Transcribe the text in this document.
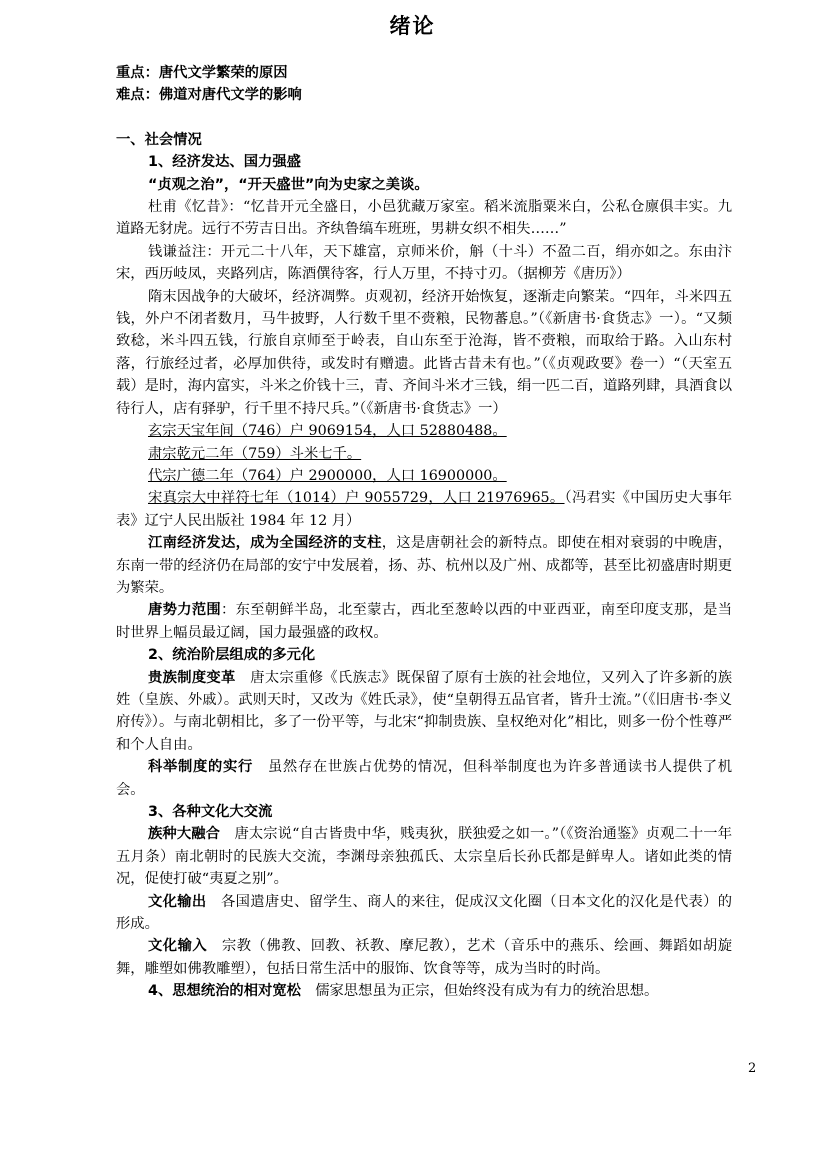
绪论

重点：唐代文学繁荣的原因

难点：佛道对唐代文学的影响

一、社会情况

1、经济发达、国力强盛

“贞观之治”，“开天盛世”向为史家之美谈。

杜甫《忆昔》：“忆昔开元全盛日，小邑犹藏万家室。稻米流脂粟米白，公私仓廪俱丰实。九道路无豺虎。远行不劳吉日出。齐纨鲁缟车班班，男耕女织不相失……”

钱谦益注：开元二十八年，天下雄富，京师米价，斛（十斗）不盈二百，绢亦如之。东由汴宋，西历岐凤，夹路列店，陈酒僎待客，行人万里，不持寸刃。（据柳芳《唐历》）

隋末因战争的大破坏，经济凋弊。贞观初，经济开始恢复，逐渐走向繁茉。“四年，斗米四五钱，外户不闭者数月，马牛披野，人行数千里不赍粮，民物蕃息。”（《新唐书·食货志》一）。“又频致稔，米斗四五钱，行旅自京师至于岭表，自山东至于沧海，皆不赍粮，而取给于路。入山东村落，行旅经过者，必厚加供待，或发时有赠遗。此皆古昔未有也。”（《贞观政要》卷一）“（天室五载）是时，海内富实，斗米之价钱十三，青、齐间斗米才三钱，绢一匹二百，道路列肆，具酒食以待行人，店有驿驴，行千里不持尺兵。”（《新唐书·食货志》一）

玄宗天宝年间（746）户 9069154，人口 52880488。

肃宗乾元二年（759）斗米七千。

代宗广德二年（764）户 2900000，人口 16900000。

宋真宗大中祥符七年（1014）户 9055729，人口 21976965。（冯君实《中国历史大事年表》辽宁人民出版社 1984 年 12 月）

江南经济发达，成为全国经济的支柱，这是唐朝社会的新特点。即使在相对衰弱的中晚唐，东南一带的经济仍在局部的安宁中发展着，扬、苏、杭州以及广州、成都等，甚至比初盛唐时期更为繁荣。

唐势力范围：东至朝鲜半岛，北至蒙古，西北至葱岭以西的中亚西亚，南至印度支那，是当时世界上幅员最辽阔，国力最强盛的政权。

2、统治阶层组成的多元化

贵族制度变革　唐太宗重修《氏族志》既保留了原有士族的社会地位，又列入了许多新的族姓（皇族、外戚）。武则天时，又改为《姓氏录》，使“皇朝得五品官者，皆升士流。”（《旧唐书·李义府传》）。与南北朝相比，多了一份平等，与北宋“抑制贵族、皇权绝对化”相比，则多一份个性尊严和个人自由。

科举制度的实行　虽然存在世族占优势的情况，但科举制度也为许多普通读书人提供了机会。

3、各种文化大交流

族种大融合　唐太宗说“自古皆贵中华，贱夷狄，朕独爱之如一。”（《资治通鉴》贞观二十一年五月条）南北朝时的民族大交流，李渊母亲独孤氏、太宗皇后长孙氏都是鲜卑人。诸如此类的情况，促使打破“夷夏之别”。

文化输出　各国遣唐史、留学生、商人的来往，促成汉文化圈（日本文化的汉化是代表）的形成。

文化输入　宗教（佛教、回教、袄教、摩尼教），艺术（音乐中的燕乐、绘画、舞蹈如胡旋舞，雕塑如佛教雕塑），包括日常生活中的服饰、饮食等等，成为当时的时尚。

4、思想统治的相对宽松　儒家思想虽为正宗，但始终没有成为有力的统治思想。

2
